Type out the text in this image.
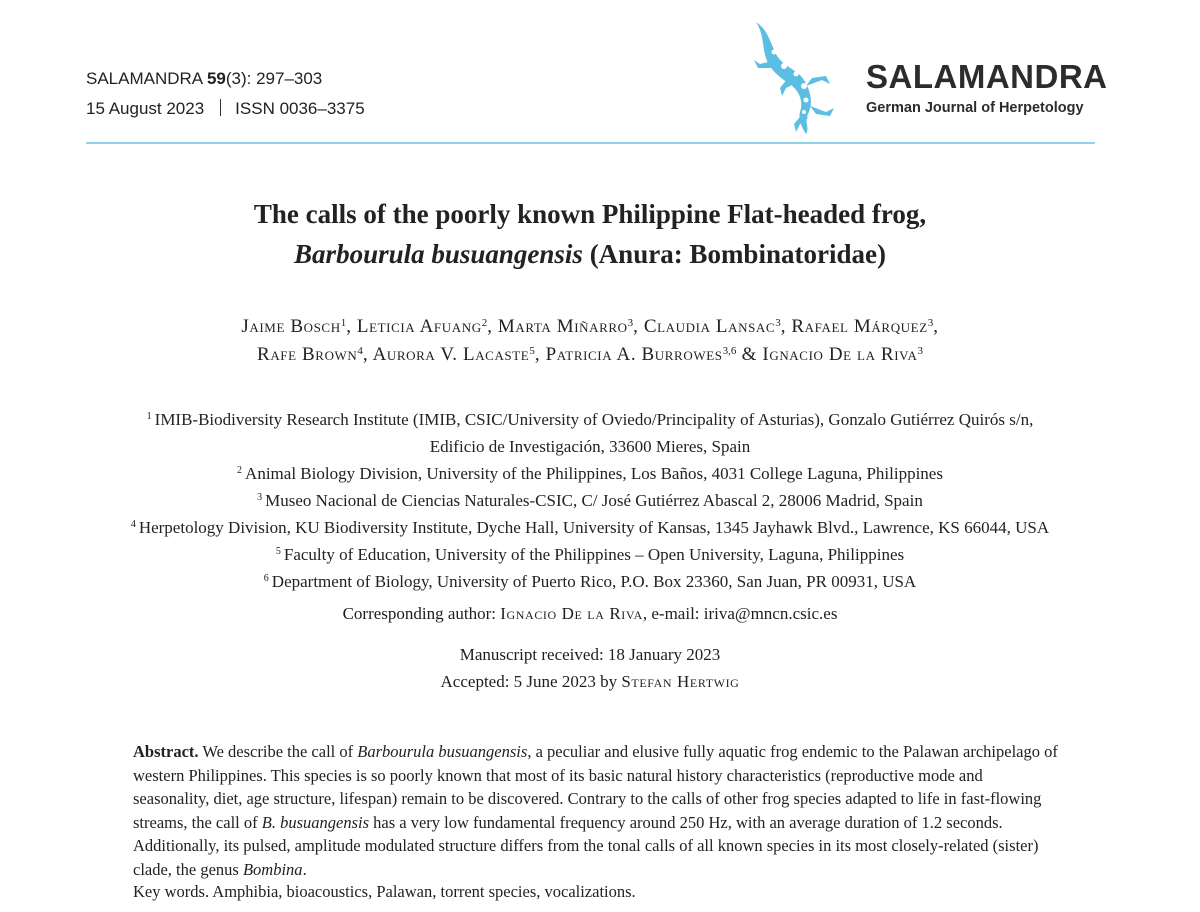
SALAMANDRA 59(3): 297–303
15 August 2023 ISSN 0036–3375
SALAMANDRA
German Journal of Herpetology
The calls of the poorly known Philippine Flat-headed frog,
Barbourula busuangensis (Anura: Bombinatoridae)
Jaime Bosch$^1$, Leticia Afuang$^2$, Marta Miñarro$^3$, Claudia Lansac$^3$, Rafael Márquez$^3$,
Rafe Brown$^4$, Aurora V. Lacaste$^5$, Patricia A. Burrowes$^{3,6}$ & Ignacio De la Riva$^3$
$^1$ IMIB-Biodiversity Research Institute (IMIB, CSIC/University of Oviedo/Principality of Asturias), Gonzalo Gutiérrez Quirós s/n,
Edificio de Investigación, 33600 Mieres, Spain
$^2$ Animal Biology Division, University of the Philippines, Los Baños, 4031 College Laguna, Philippines
$^3$ Museo Nacional de Ciencias Naturales-CSIC, C/ José Gutiérrez Abascal 2, 28006 Madrid, Spain
$^4$ Herpetology Division, KU Biodiversity Institute, Dyche Hall, University of Kansas, 1345 Jayhawk Blvd., Lawrence, KS 66044, USA
$^5$ Faculty of Education, University of the Philippines – Open University, Laguna, Philippines
$^6$ Department of Biology, University of Puerto Rico, P.O. Box 23360, San Juan, PR 00931, USA
Corresponding author: Ignacio De la Riva, e-mail: iriva@mncn.csic.es
Manuscript received: 18 January 2023
Accepted: 5 June 2023 by Stefan Hertwig
Abstract. We describe the call of Barbourula busuangensis, a peculiar and elusive fully aquatic frog endemic to the Palawan archipelago of western Philippines. This species is so poorly known that most of its basic natural history characteristics (reproductive mode and seasonality, diet, age structure, lifespan) remain to be discovered. Contrary to the calls of other frog species adapted to life in fast-flowing streams, the call of B. busuangensis has a very low fundamental frequency around 250 Hz, with an average duration of 1.2 seconds. Additionally, its pulsed, amplitude modulated structure differs from the tonal calls of all known species in its most closely-related (sister) clade, the genus Bombina.
Key words. Amphibia, bioacoustics, Palawan, torrent species, vocalizations.
